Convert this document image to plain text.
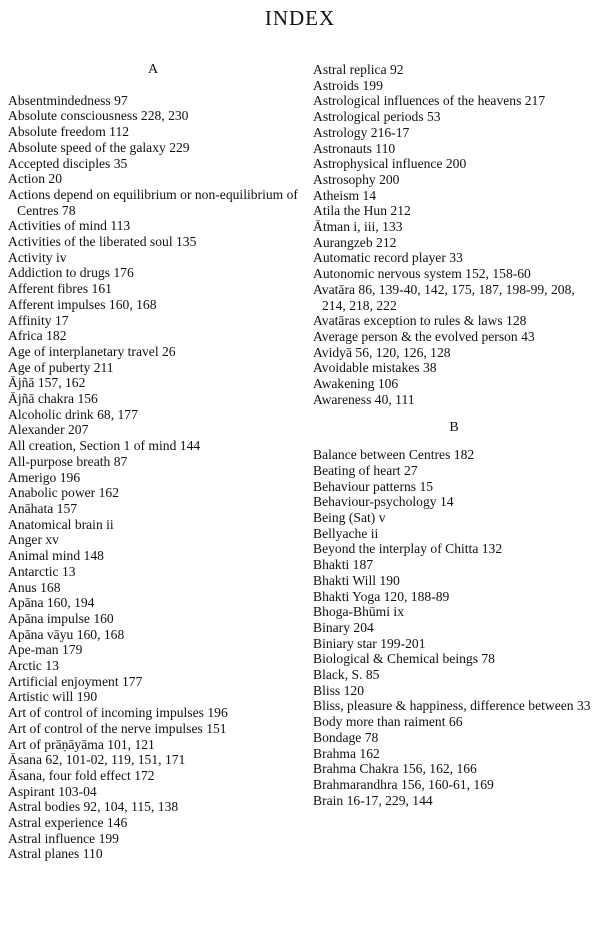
INDEX
A
Absentmindedness 97
Absolute consciousness 228, 230
Absolute freedom 112
Absolute speed of the galaxy 229
Accepted disciples 35
Action 20
Actions depend on equilibrium or non-equilibrium of Centres 78
Activities of mind 113
Activities of the liberated soul 135
Activity iv
Addiction to drugs 176
Afferent fibres 161
Afferent impulses 160, 168
Affinity 17
Africa 182
Age of interplanetary travel 26
Age of puberty 211
Ājñā 157, 162
Ājñā chakra 156
Alcoholic drink 68, 177
Alexander 207
All creation, Section 1 of mind 144
All-purpose breath 87
Amerigo 196
Anabolic power 162
Anāhata 157
Anatomical brain ii
Anger xv
Animal mind 148
Antarctic 13
Anus 168
Apāna 160, 194
Apāna impulse 160
Apāna vāyu 160, 168
Ape-man 179
Arctic 13
Artificial enjoyment 177
Artistic will 190
Art of control of incoming impulses 196
Art of control of the nerve impulses 151
Art of prāṇāyāma 101, 121
Āsana 62, 101-02, 119, 151, 171
Āsana, four fold effect 172
Aspirant 103-04
Astral bodies 92, 104, 115, 138
Astral experience 146
Astral influence 199
Astral planes 110
Astral replica 92
Astroids 199
Astrological influences of the heavens 217
Astrological periods 53
Astrology 216-17
Astronauts 110
Astrophysical influence 200
Astrosophy 200
Atheism 14
Atila the Hun 212
Ātman i, iii, 133
Aurangzeb 212
Automatic record player 33
Autonomic nervous system 152, 158-60
Avatāra 86, 139-40, 142, 175, 187, 198-99, 208, 214, 218, 222
Avatāras exception to rules & laws 128
Average person & the evolved person 43
Avidyā 56, 120, 126, 128
Avoidable mistakes 38
Awakening 106
Awareness 40, 111
B
Balance between Centres 182
Beating of heart 27
Behaviour patterns 15
Behaviour-psychology 14
Being (Sat) v
Bellyache ii
Beyond the interplay of Chitta 132
Bhakti 187
Bhakti Will 190
Bhakti Yoga 120, 188-89
Bhoga-Bhūmi ix
Binary 204
Biniary star 199-201
Biological & Chemical beings 78
Black, S. 85
Bliss 120
Bliss, pleasure & happiness, difference between 33
Body more than raiment 66
Bondage 78
Brahma 162
Brahma Chakra 156, 162, 166
Brahmarandhra 156, 160-61, 169
Brain 16-17, 229, 144
